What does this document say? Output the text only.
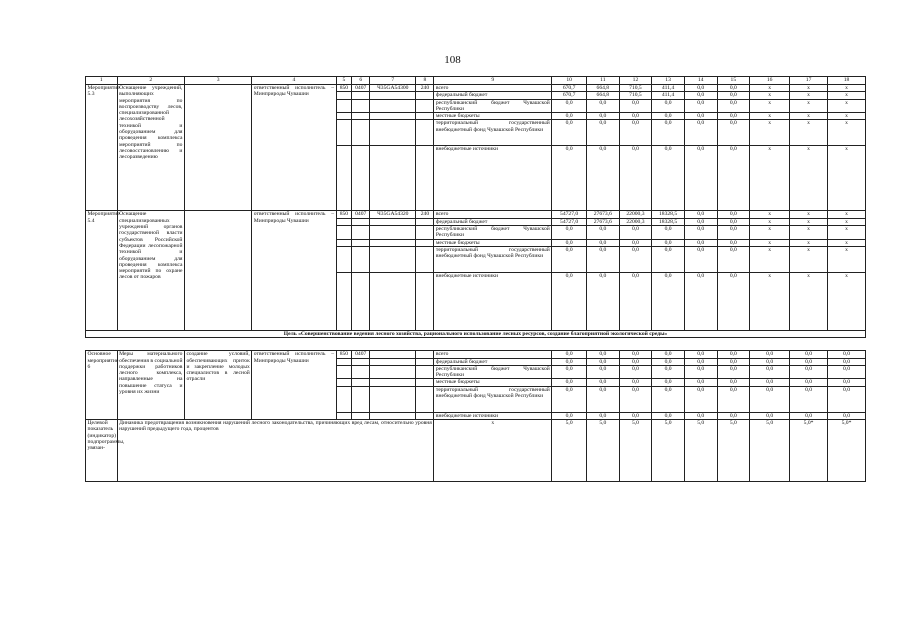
108
1	2	3	4	5	6	7	8	9	10	11	12	13	14	15	16	17	18
Мероприятие 5.3	Оснащение учреждений, выполняющих мероприятия по воспроизводству лесов, специализированной лесохозяйственной техникой и оборудованием для проведения комплекса мероприятий по лесовосстановлению и лесоразведению		ответственный исполнитель – Минприроды Чувашии	850	0407	Ч35GA54300	240	всего	670,7	664,8	710,5	411,4	0,0	0,0	x	x	x
								федеральный бюджет	670,7	664,8	710,5	411,4	0,0	0,0	x	x	x
								республиканский бюджет Чувашской Республики	0,0	0,0	0,0	0,0	0,0	0,0	x	x	x
								местные бюджеты	0,0	0,0	0,0	0,0	0,0	0,0	x	x	x
								территориальный государственный внебюджетный фонд Чувашской Республики	0,0	0,0	0,0	0,0	0,0	0,0	x	x	x
								внебюджетные источники	0,0	0,0	0,0	0,0	0,0	0,0	x	x	x
Мероприятие 5.4	Оснащение специализированных учреждений органов государственной власти субъектов Российской Федерации лесопожарной техникой и оборудованием для проведения комплекса мероприятий по охране лесов от пожаров		ответственный исполнитель – Минприроды Чувашии	850	0407	Ч35GA54320	240	всего	54727,0	27673,6	22000,3	18328,5	0,0	0,0	x	x	x
								федеральный бюджет	54727,0	27673,6	22000,3	18328,5	0,0	0,0	x	x	x
								республиканский бюджет Чувашской Республики	0,0	0,0	0,0	0,0	0,0	0,0	x	x	x
								местные бюджеты	0,0	0,0	0,0	0,0	0,0	0,0	x	x	x
								территориальный государственный внебюджетный фонд Чувашской Республики	0,0	0,0	0,0	0,0	0,0	0,0	x	x	x
								внебюджетные источники	0,0	0,0	0,0	0,0	0,0	0,0	x	x	x
Цель «Совершенствование ведения лесного хозяйства, рационального использование лесных ресурсов, создание благоприятной экологической среды»																	

Основное мероприятие 6	Меры материального обеспечения в социальной поддержки работников лесного комплекса, направленные на повышение статуса и уровня их жизни	создание условий, обеспечивающих приток и закрепление молодых специалистов в лесной отрасли	ответственный исполнитель – Минприроды Чувашии	850	0407			всего	0,0	0,0	0,0	0,0	0,0	0,0	0,0	0,0	0,0
								федеральный бюджет	0,0	0,0	0,0	0,0	0,0	0,0	0,0	0,0	0,0
								республиканский бюджет Чувашской Республики	0,0	0,0	0,0	0,0	0,0	0,0	0,0	0,0	0,0
								местные бюджеты	0,0	0,0	0,0	0,0	0,0	0,0	0,0	0,0	0,0
								территориальный государственный внебюджетный фонд Чувашской Республики	0,0	0,0	0,0	0,0	0,0	0,0	0,0	0,0	0,0
								внебюджетные источники	0,0	0,0	0,0	0,0	0,0	0,0	0,0	0,0	0,0
Целевой показатель (индикатор) подпрограммы, увязан-	Динамика предотвращения возникновения нарушений лесного законодательства, причиняющих вред лесам, относительно уровня нарушений предыдущего года, процентов							x	5,0	5,0	5,0	5,0	5,0	5,0	5,0	5,0*	5,0*
